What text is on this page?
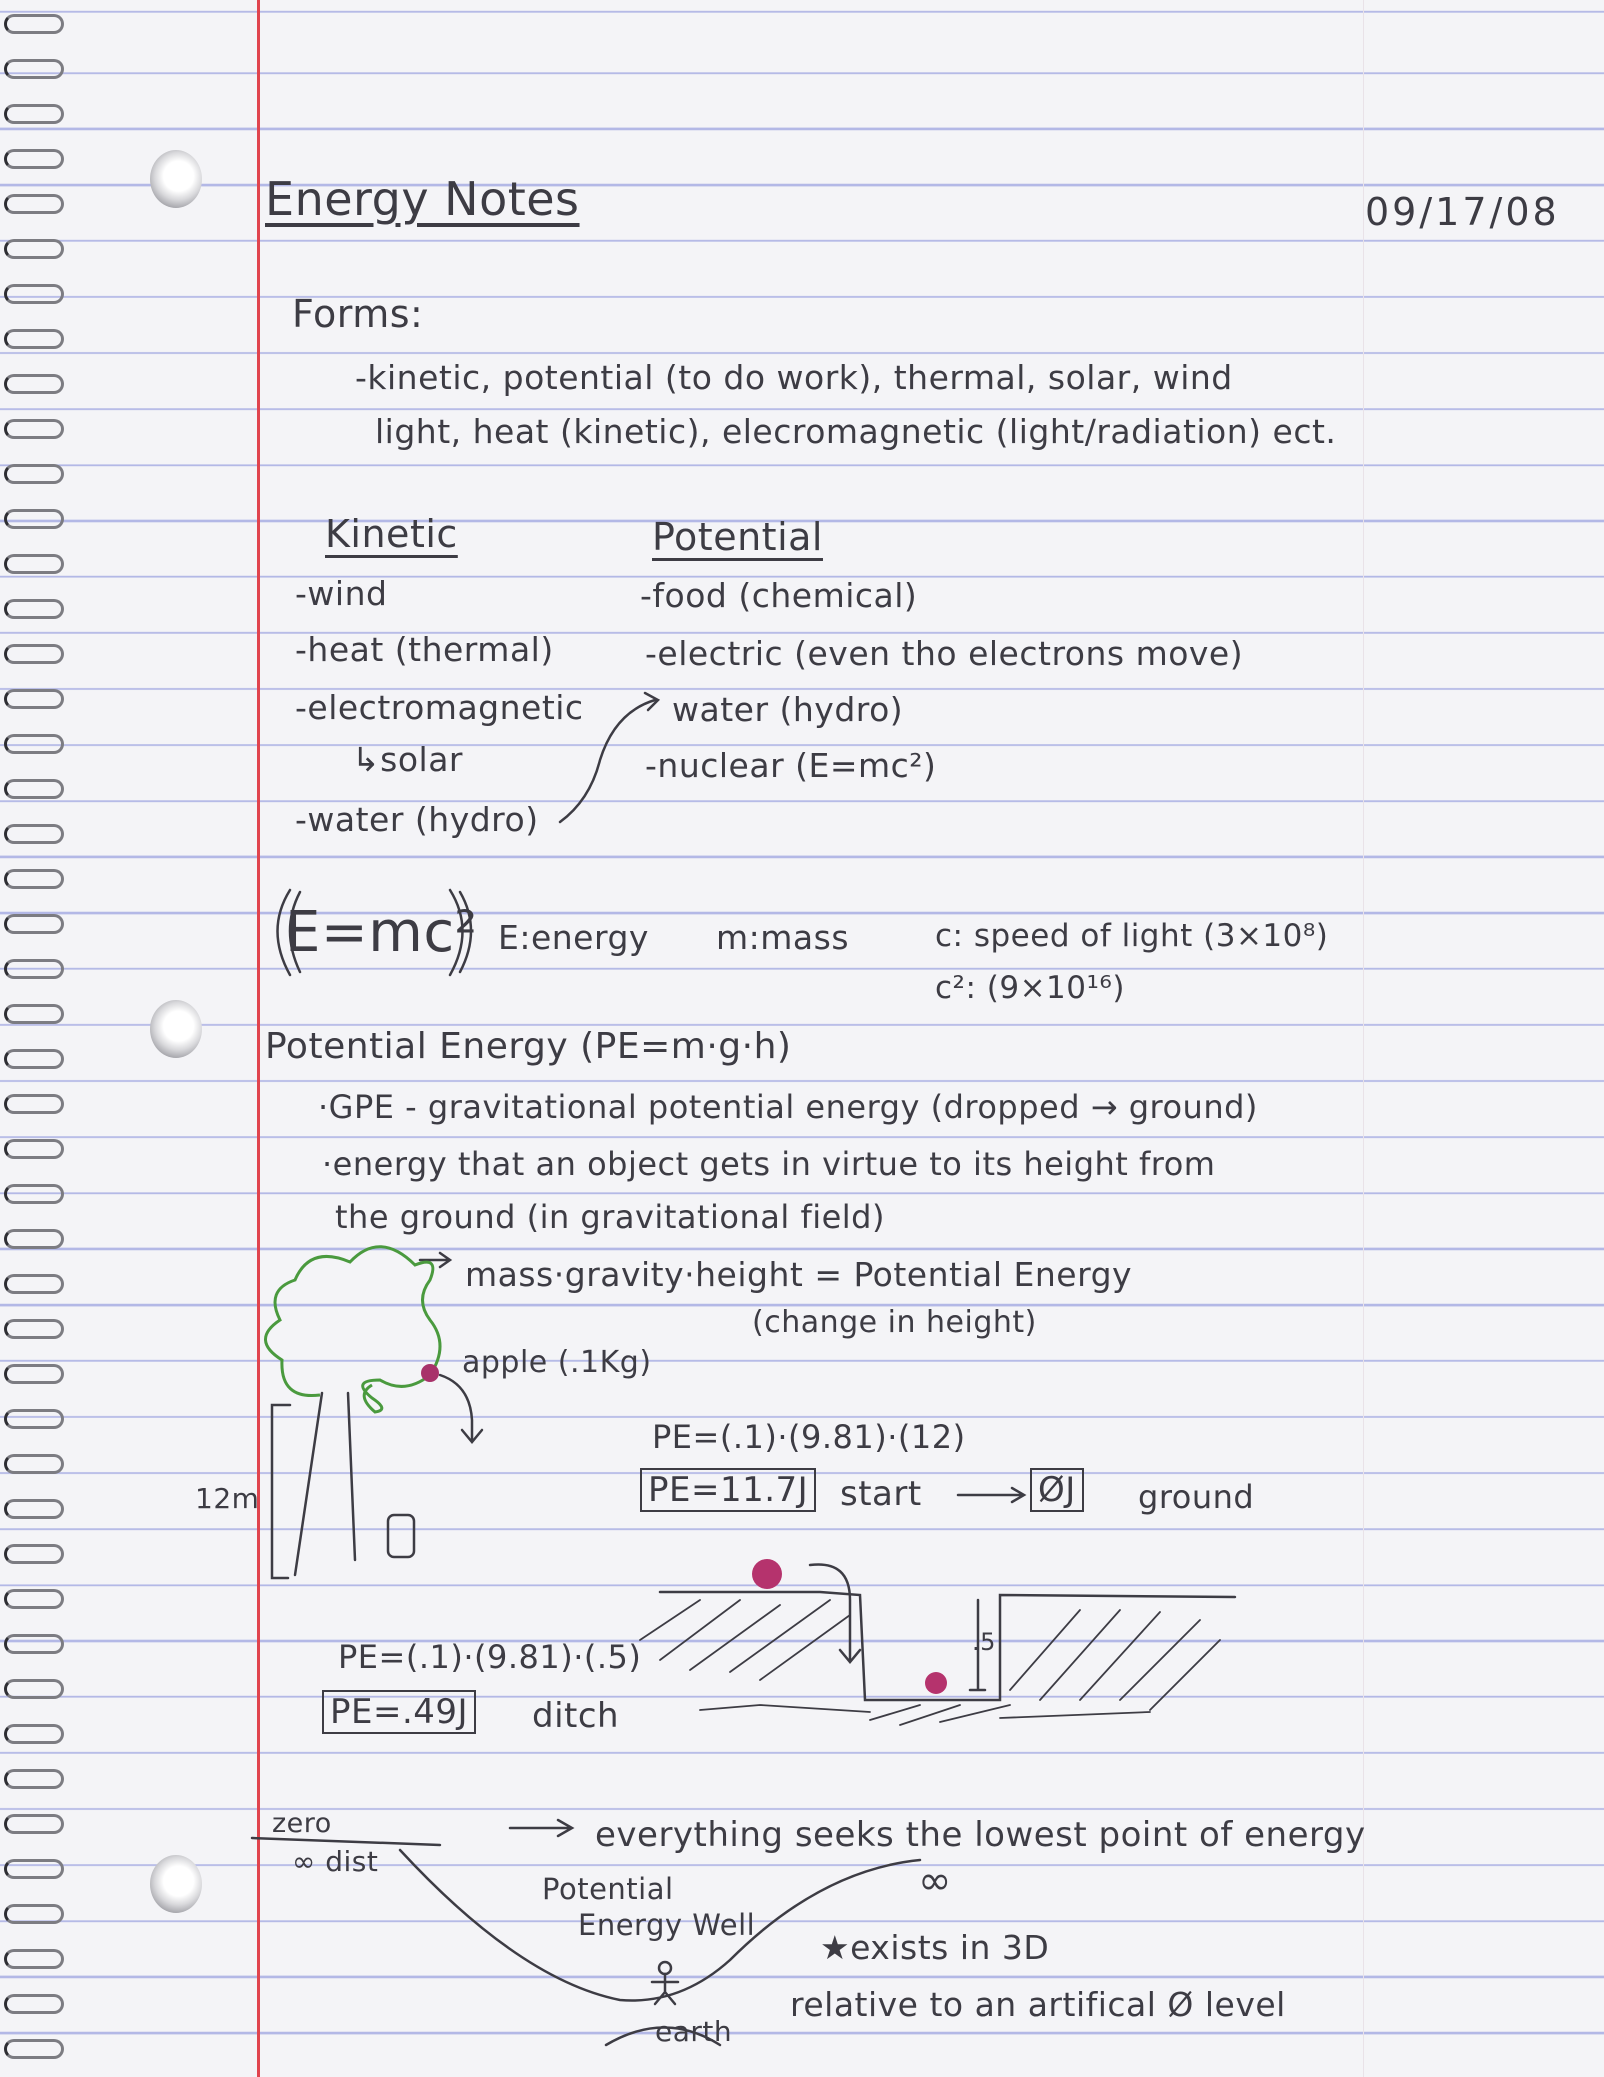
Energy Notes	09/17/08
Forms:
-kinetic, potential (to do work), thermal, solar, wind
light, heat (kinetic), elecromagnetic (light/radiation) ect.
Kinetic
-wind
-heat (thermal)
-electromagnetic
↳solar
-water (hydro)
Potential
-food (chemical)
-electric (even tho electrons move)
water (hydro)
-nuclear (E=mc²)
E=mc² E:energy m:mass	c: speed of light (3×10⁸)
c²: (9×10¹⁶)
Potential Energy (PE=m·g·h)
·GPE - gravitational potential energy (dropped → ground)
·energy that an object gets in virtue to its height from
the ground (in gravitational field)
mass·gravity·height = Potential Energy
(change in height)
apple (.1Kg)
12m
PE=(.1)·(9.81)·(12)
PE=11.7J start	ØJ ground
.5
PE=(.1)·(9.81)·(.5)
PE=.49J ditch
zero
∞ dist
everything seeks the lowest point of energy
Potential
Energy Well
∞
★exists in 3D
relative to an artifical Ø level
earth
